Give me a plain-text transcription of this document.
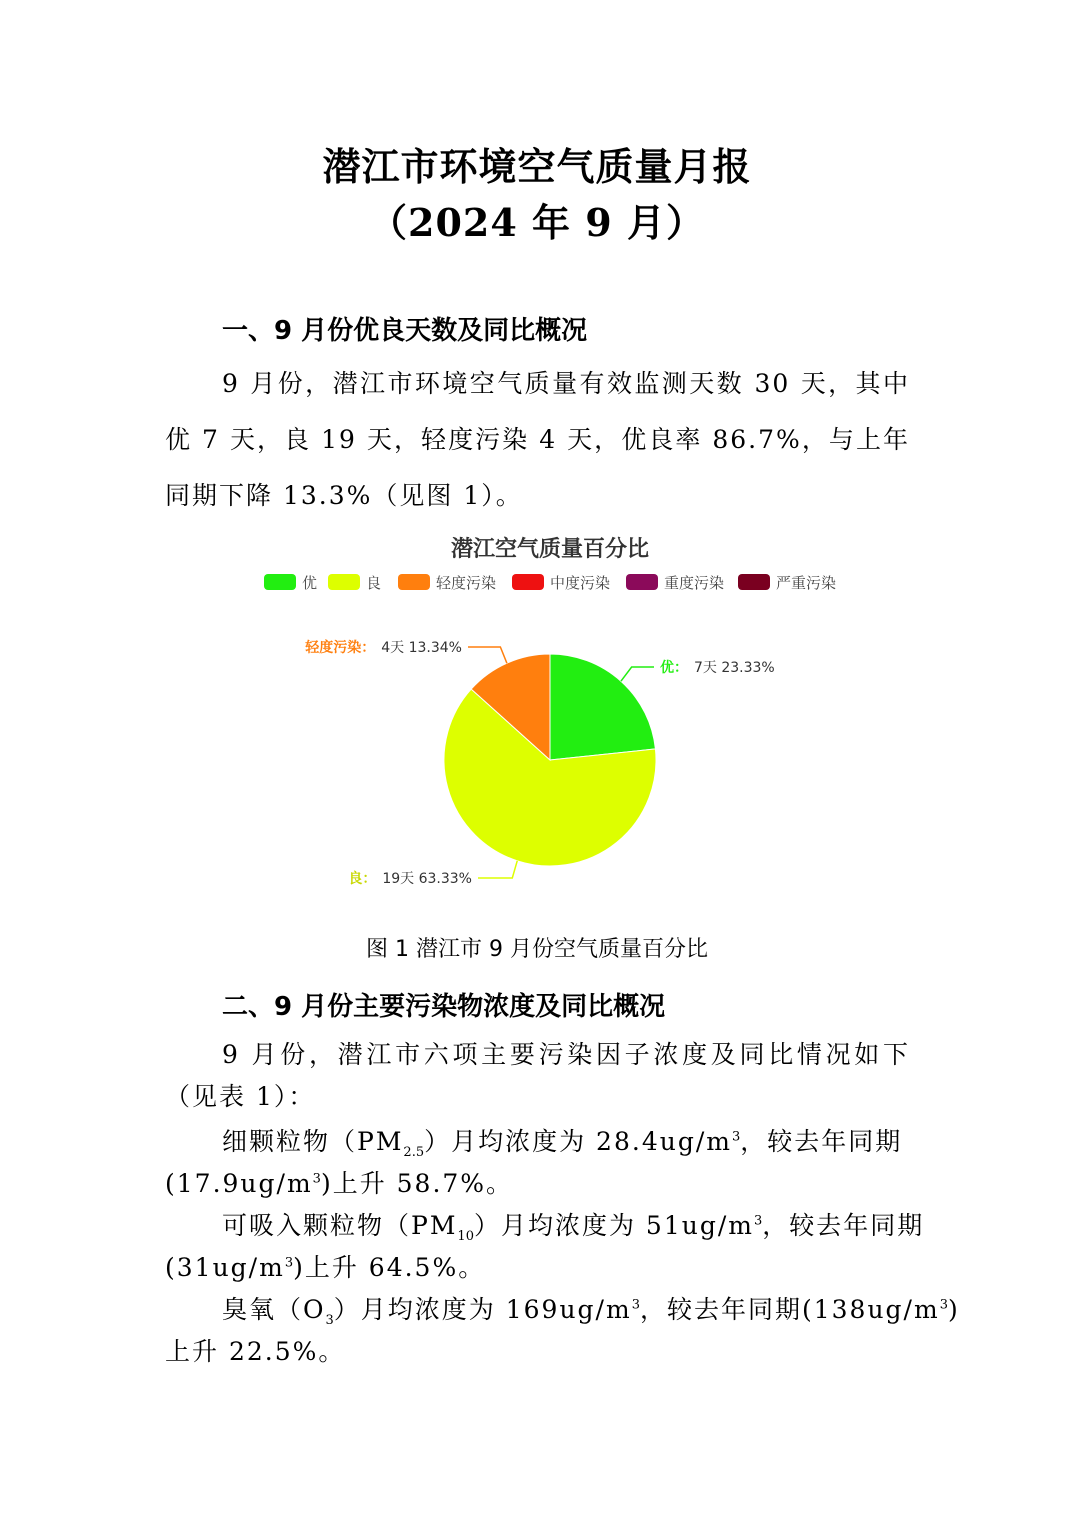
潜江市环境空气质量月报
（2024 年 9 月）
一、9 月份优良天数及同比概况

9 月份，潜江市环境空气质量有效监测天数 30 天，其中优 7 天，良 19 天，轻度污染 4 天，优良率 86.7%，与上年同期下降 13.3%（见图 1）。

潜江空气质量百分比
优	良	轻度污染	中度污染	重度污染	严重污染
优： 7天 23.33%
良： 19天 63.33%
轻度污染： 4天 13.34%
图 1 潜江市 9 月份空气质量百分比
二、9 月份主要污染物浓度及同比概况

9 月份，潜江市六项主要污染因子浓度及同比情况如下（见表 1）：

细颗粒物$(PM_{2.5})$月均浓度为 $28.4ug/m^3$，较去年同期
$(17.9ug/m^3)$上升 58.7%。
可吸入颗粒物$(PM_{10})$月均浓度为 $51ug/m^3$，较去年同期
$(31ug/m^3)$上升 64.5%。
臭氧$(O_3)$月均浓度为 $169ug/m^3$，较去年同期$(138ug/m^3)$
上升 22.5%。
